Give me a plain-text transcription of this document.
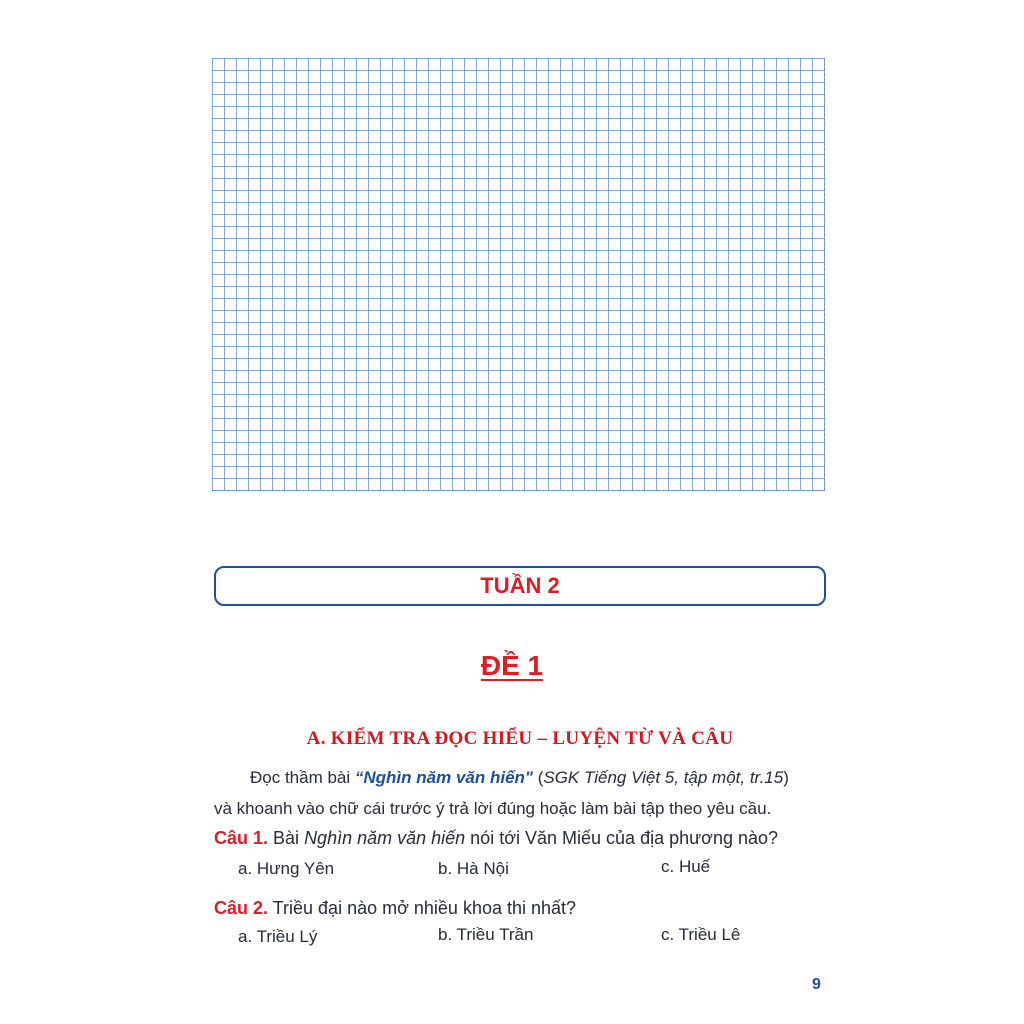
TUẦN 2
ĐỀ 1
A. KIỂM TRA ĐỌC HIỂU – LUYỆN TỪ VÀ CÂU
Đọc thầm bài “Nghìn năm văn hiến" (SGK Tiếng Việt 5, tập một, tr.15)
và khoanh vào chữ cái trước ý trả lời đúng hoặc làm bài tập theo yêu cầu.
Câu 1. Bài Nghìn năm văn hiến nói tới Văn Miếu của địa phương nào?
a. Hưng Yên	b. Hà Nội	c. Huế
Câu 2. Triều đại nào mở nhiều khoa thi nhất?
a. Triều Lý	b. Triều Trần	c. Triều Lê
9
